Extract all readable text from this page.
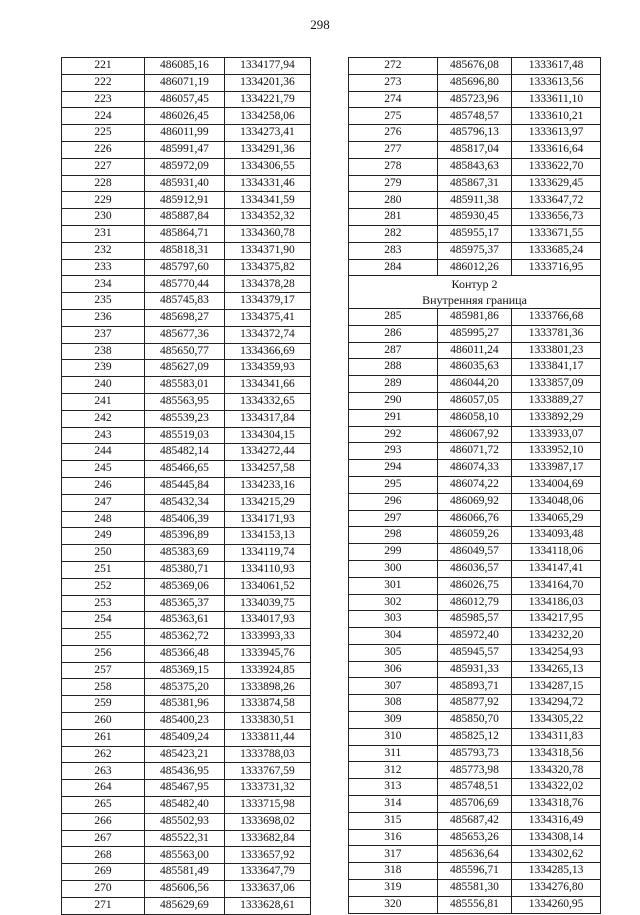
298
221	486085,16	1334177,94
222	486071,19	1334201,36
223	486057,45	1334221,79
224	486026,45	1334258,06
225	486011,99	1334273,41
226	485991,47	1334291,36
227	485972,09	1334306,55
228	485931,40	1334331,46
229	485912,91	1334341,59
230	485887,84	1334352,32
231	485864,71	1334360,78
232	485818,31	1334371,90
233	485797,60	1334375,82
234	485770,44	1334378,28
235	485745,83	1334379,17
236	485698,27	1334375,41
237	485677,36	1334372,74
238	485650,77	1334366,69
239	485627,09	1334359,93
240	485583,01	1334341,66
241	485563,95	1334332,65
242	485539,23	1334317,84
243	485519,03	1334304,15
244	485482,14	1334272,44
245	485466,65	1334257,58
246	485445,84	1334233,16
247	485432,34	1334215,29
248	485406,39	1334171,93
249	485396,89	1334153,13
250	485383,69	1334119,74
251	485380,71	1334110,93
252	485369,06	1334061,52
253	485365,37	1334039,75
254	485363,61	1334017,93
255	485362,72	1333993,33
256	485366,48	1333945,76
257	485369,15	1333924,85
258	485375,20	1333898,26
259	485381,96	1333874,58
260	485400,23	1333830,51
261	485409,24	1333811,44
262	485423,21	1333788,03
263	485436,95	1333767,59
264	485467,95	1333731,32
265	485482,40	1333715,98
266	485502,93	1333698,02
267	485522,31	1333682,84
268	485563,00	1333657,92
269	485581,49	1333647,79
270	485606,56	1333637,06
271	485629,69	1333628,61
272	485676,08	1333617,48
273	485696,80	1333613,56
274	485723,96	1333611,10
275	485748,57	1333610,21
276	485796,13	1333613,97
277	485817,04	1333616,64
278	485843,63	1333622,70
279	485867,31	1333629,45
280	485911,38	1333647,72
281	485930,45	1333656,73
282	485955,17	1333671,55
283	485975,37	1333685,24
284	486012,26	1333716,95
Контур 2		
Внутренняя граница		
285	485981,86	1333766,68
286	485995,27	1333781,36
287	486011,24	1333801,23
288	486035,63	1333841,17
289	486044,20	1333857,09
290	486057,05	1333889,27
291	486058,10	1333892,29
292	486067,92	1333933,07
293	486071,72	1333952,10
294	486074,33	1333987,17
295	486074,22	1334004,69
296	486069,92	1334048,06
297	486066,76	1334065,29
298	486059,26	1334093,48
299	486049,57	1334118,06
300	486036,57	1334147,41
301	486026,75	1334164,70
302	486012,79	1334186,03
303	485985,57	1334217,95
304	485972,40	1334232,20
305	485945,57	1334254,93
306	485931,33	1334265,13
307	485893,71	1334287,15
308	485877,92	1334294,72
309	485850,70	1334305,22
310	485825,12	1334311,83
311	485793,73	1334318,56
312	485773,98	1334320,78
313	485748,51	1334322,02
314	485706,69	1334318,76
315	485687,42	1334316,49
316	485653,26	1334308,14
317	485636,64	1334302,62
318	485596,71	1334285,13
319	485581,30	1334276,80
320	485556,81	1334260,95
